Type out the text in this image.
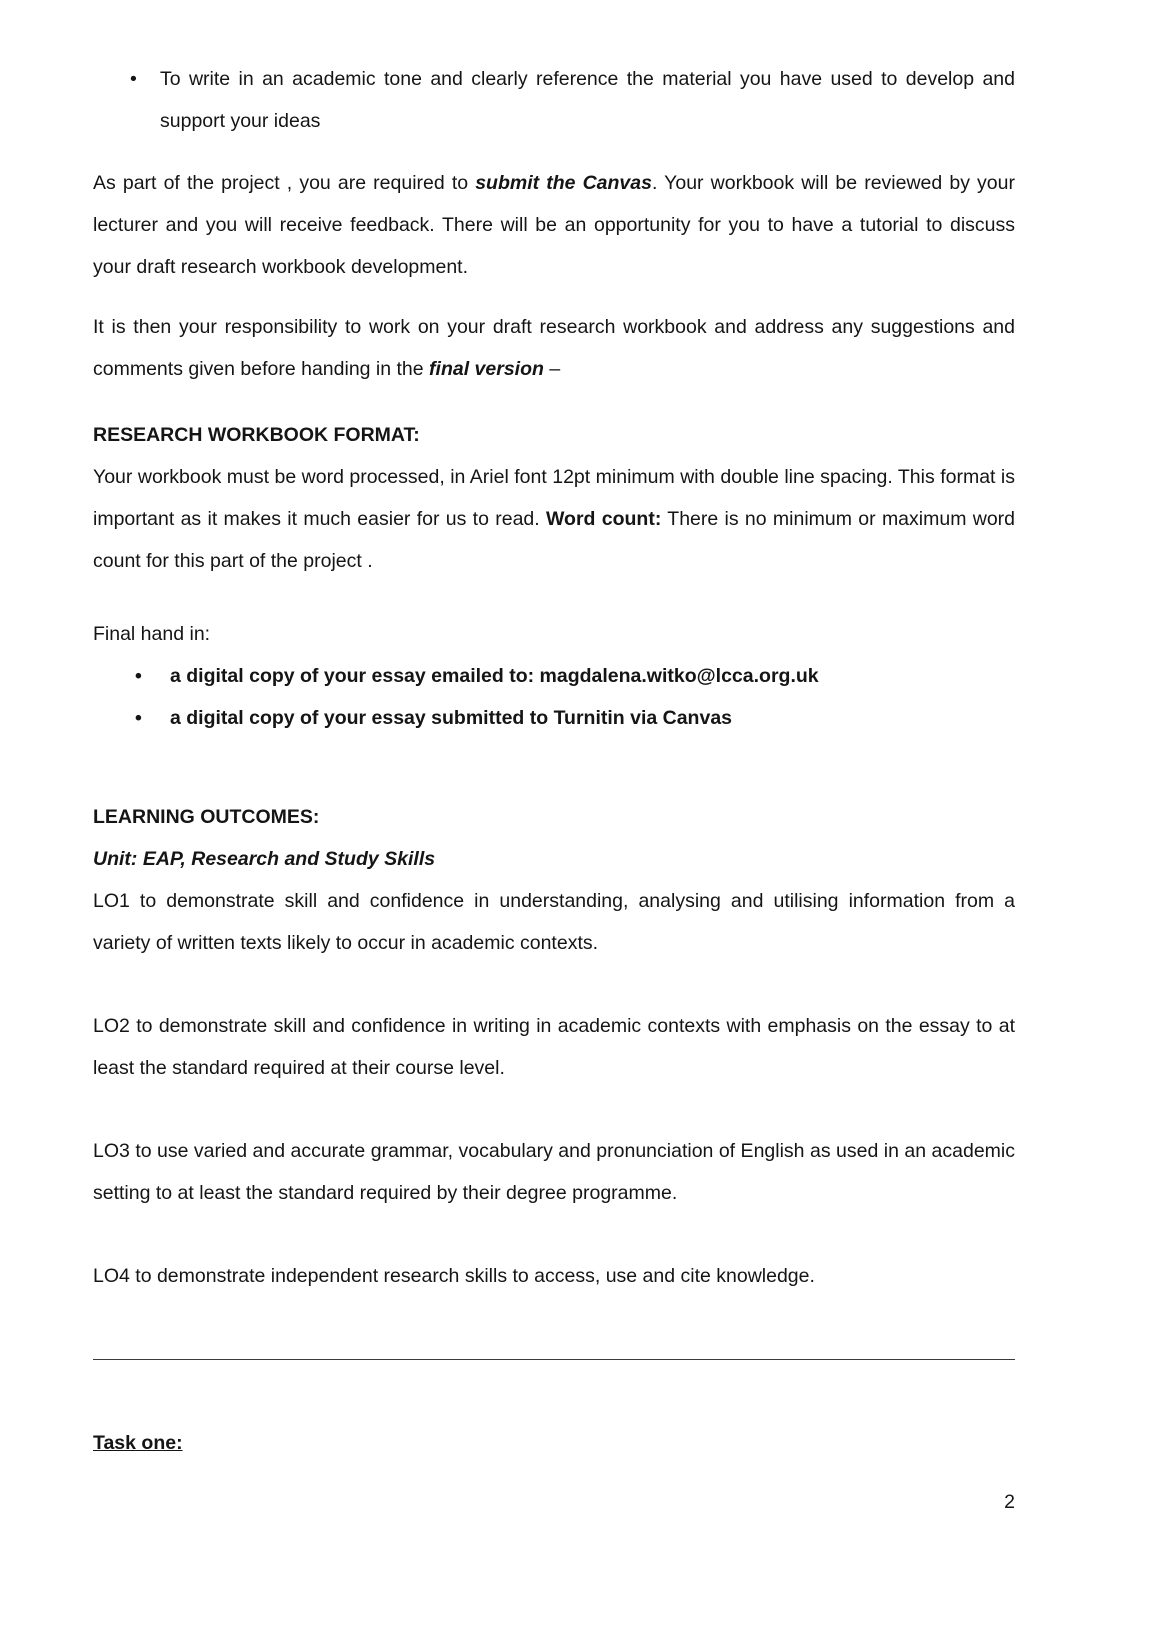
•	To write in an academic tone and clearly reference the material you have used to develop and support your ideas

As part of the project , you are required to submit the Canvas. Your workbook will be reviewed by your lecturer and you will receive feedback. There will be an opportunity for you to have a tutorial to discuss your draft research workbook development.

It is then your responsibility to work on your draft research workbook and address any suggestions and comments given before handing in the final version –

RESEARCH WORKBOOK FORMAT:

Your workbook must be word processed, in Ariel font 12pt minimum with double line spacing. This format is important as it makes it much easier for us to read. Word count: There is no minimum or maximum word count for this part of the project .

Final hand in:

•	a digital copy of your essay emailed to: magdalena.witko@lcca.org.uk
•	a digital copy of your essay submitted to Turnitin via Canvas

LEARNING OUTCOMES:

Unit: EAP, Research and Study Skills

LO1 to demonstrate skill and confidence in understanding, analysing and utilising information from a variety of written texts likely to occur in academic contexts.

LO2 to demonstrate skill and confidence in writing in academic contexts with emphasis on the essay to at least the standard required at their course level.

LO3 to use varied and accurate grammar, vocabulary and pronunciation of English as used in an academic setting to at least the standard required by their degree programme.

LO4 to demonstrate independent research skills to access, use and cite knowledge.

Task one:

2
